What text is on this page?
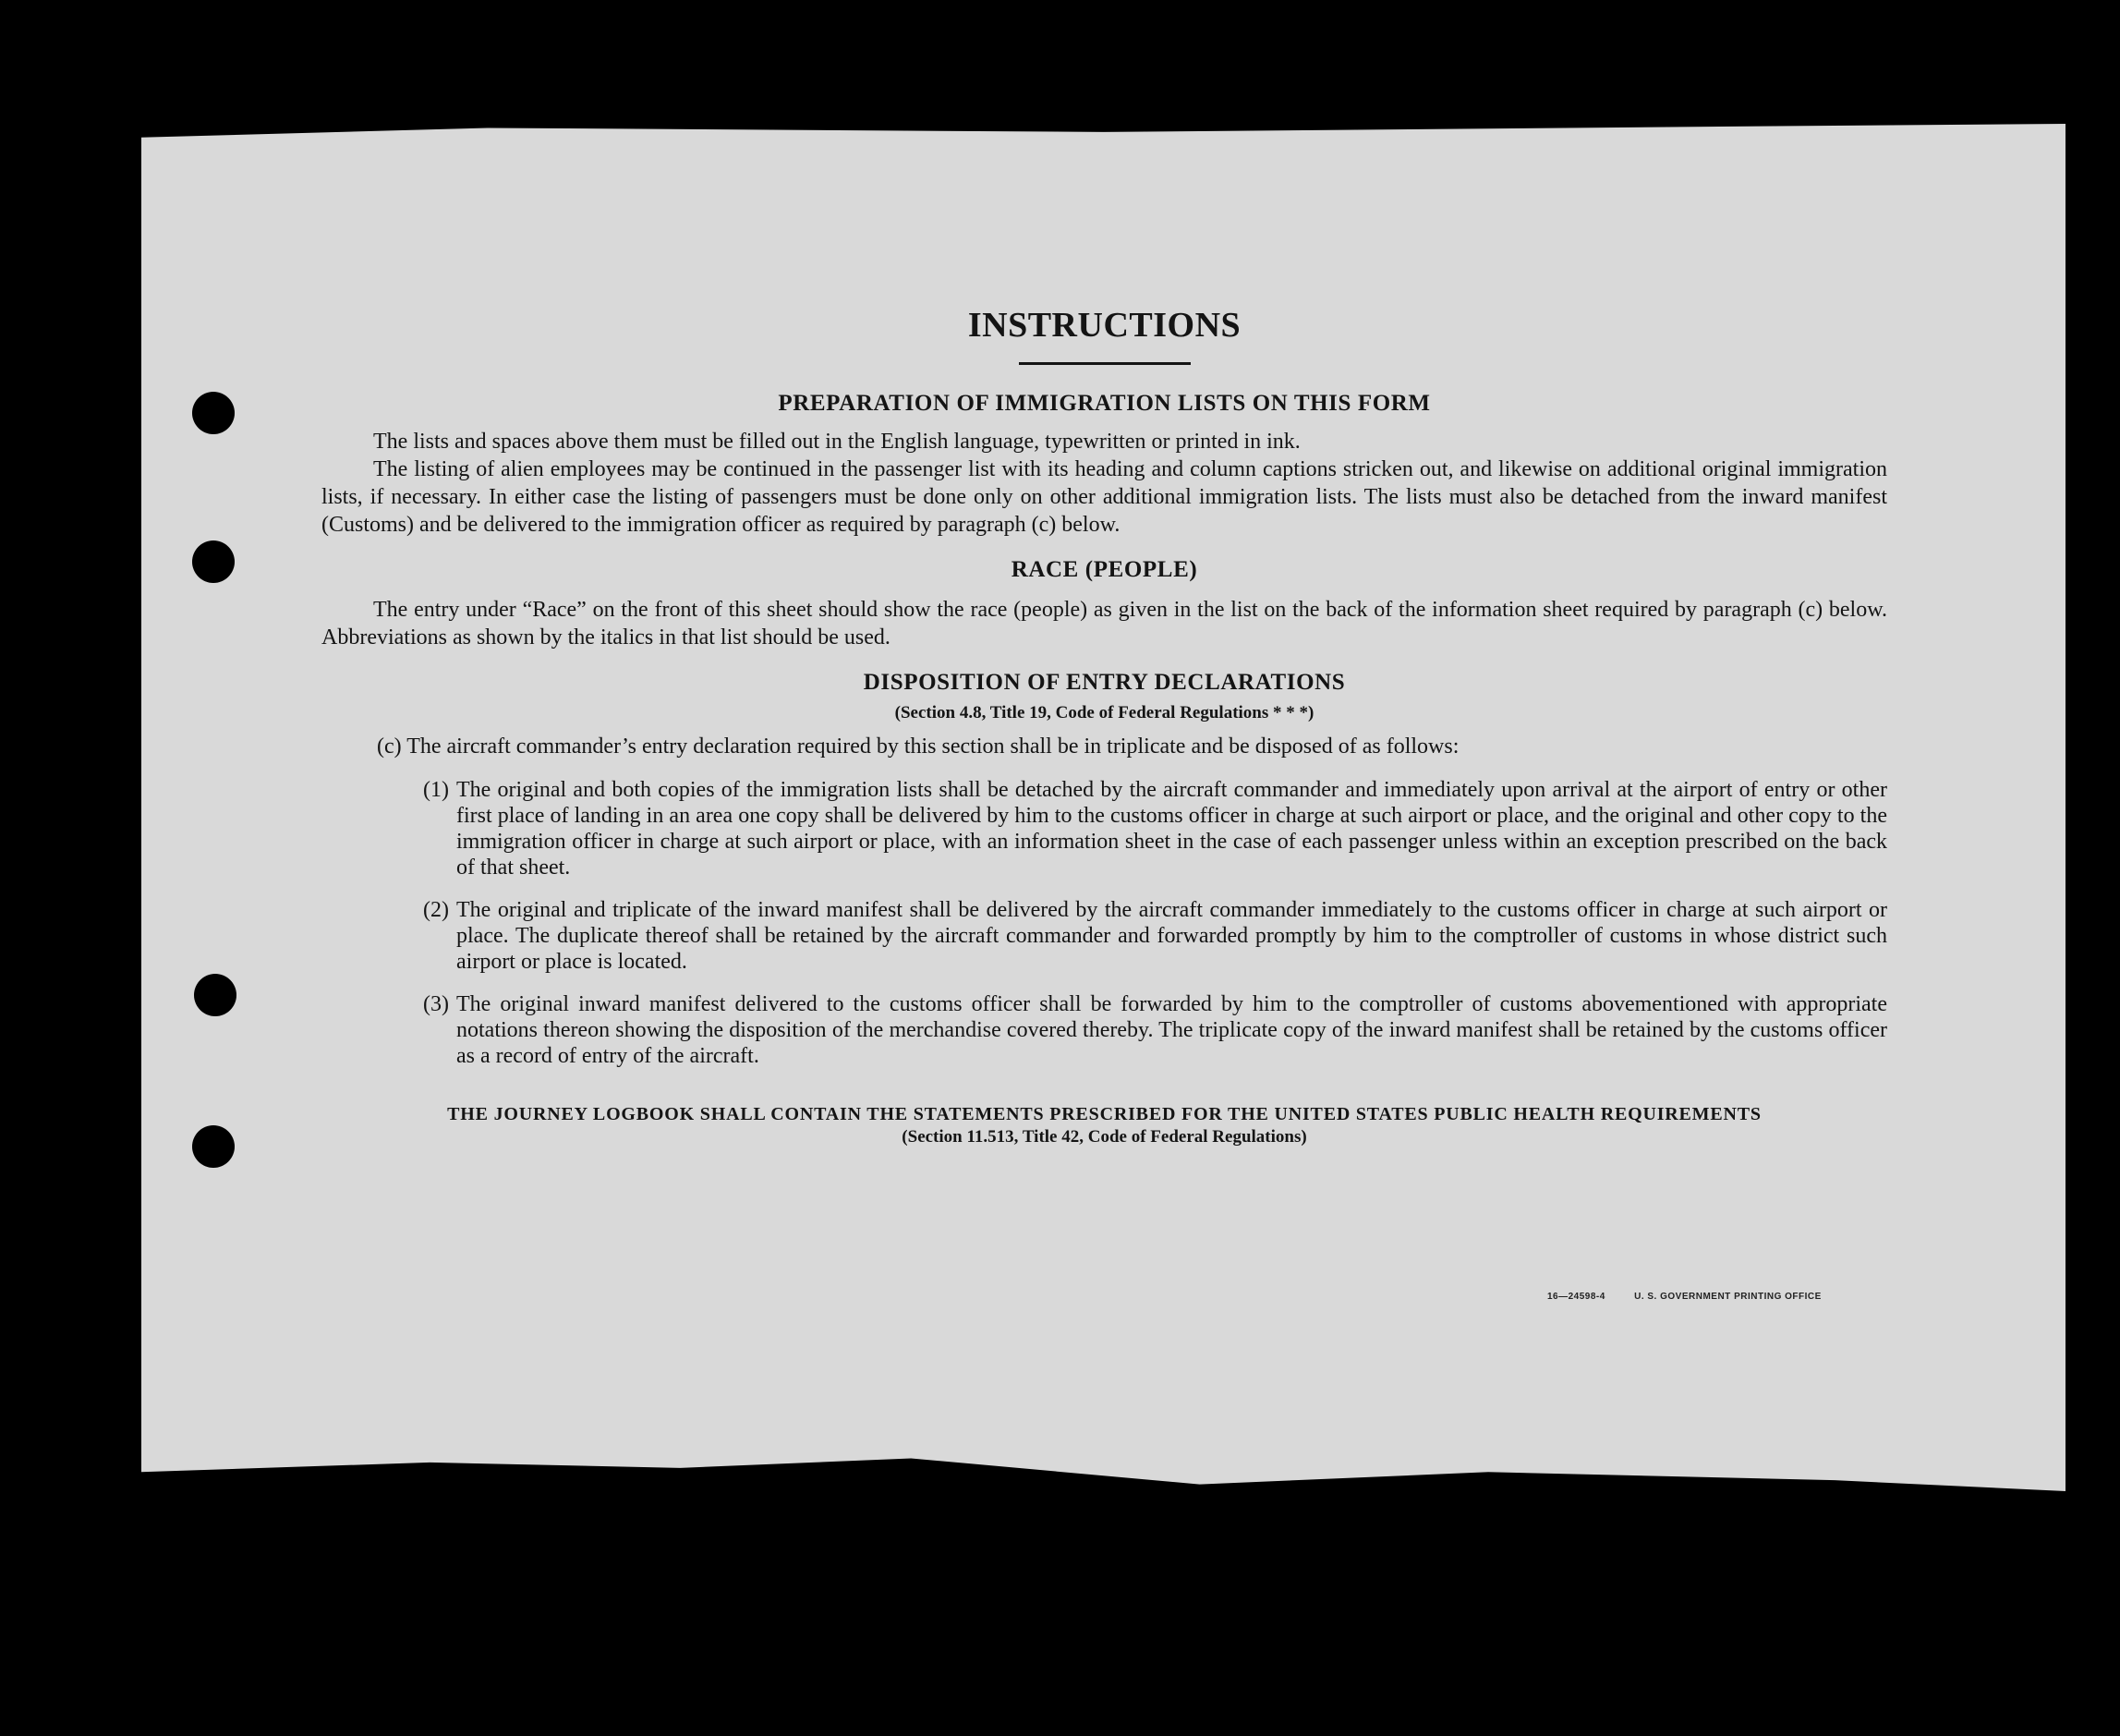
INSTRUCTIONS
PREPARATION OF IMMIGRATION LISTS ON THIS FORM

The lists and spaces above them must be filled out in the English language, typewritten or printed in ink.

The listing of alien employees may be continued in the passenger list with its heading and column captions stricken out, and likewise on additional original immigration lists, if necessary. In either case the listing of passengers must be done only on other additional immigration lists. The lists must also be detached from the inward manifest (Customs) and be delivered to the immigration officer as required by paragraph (c) below.

RACE (PEOPLE)

The entry under “Race” on the front of this sheet should show the race (people) as given in the list on the back of the information sheet required by paragraph (c) below. Abbreviations as shown by the italics in that list should be used.

DISPOSITION OF ENTRY DECLARATIONS
(Section 4.8, Title 19, Code of Federal Regulations * * *)

(c) The aircraft commander’s entry declaration required by this section shall be in triplicate and be disposed of as follows:

(1) The original and both copies of the immigration lists shall be detached by the aircraft commander and immediately upon arrival at the airport of entry or other first place of landing in an area one copy shall be delivered by him to the customs officer in charge at such airport or place, and the original and other copy to the immigration officer in charge at such airport or place, with an information sheet in the case of each passenger unless within an exception prescribed on the back of that sheet.
(2) The original and triplicate of the inward manifest shall be delivered by the aircraft commander immediately to the customs officer in charge at such airport or place. The duplicate thereof shall be retained by the aircraft commander and forwarded promptly by him to the comptroller of customs in whose district such airport or place is located.
(3) The original inward manifest delivered to the customs officer shall be forwarded by him to the comptroller of customs abovementioned with appropriate notations thereon showing the disposition of the merchandise covered thereby. The triplicate copy of the inward manifest shall be retained by the customs officer as a record of entry of the aircraft.
THE JOURNEY LOGBOOK SHALL CONTAIN THE STATEMENTS PRESCRIBED FOR THE UNITED STATES PUBLIC HEALTH REQUIREMENTS
(Section 11.513, Title 42, Code of Federal Regulations)
16—24598-4	U. S. GOVERNMENT PRINTING OFFICE
